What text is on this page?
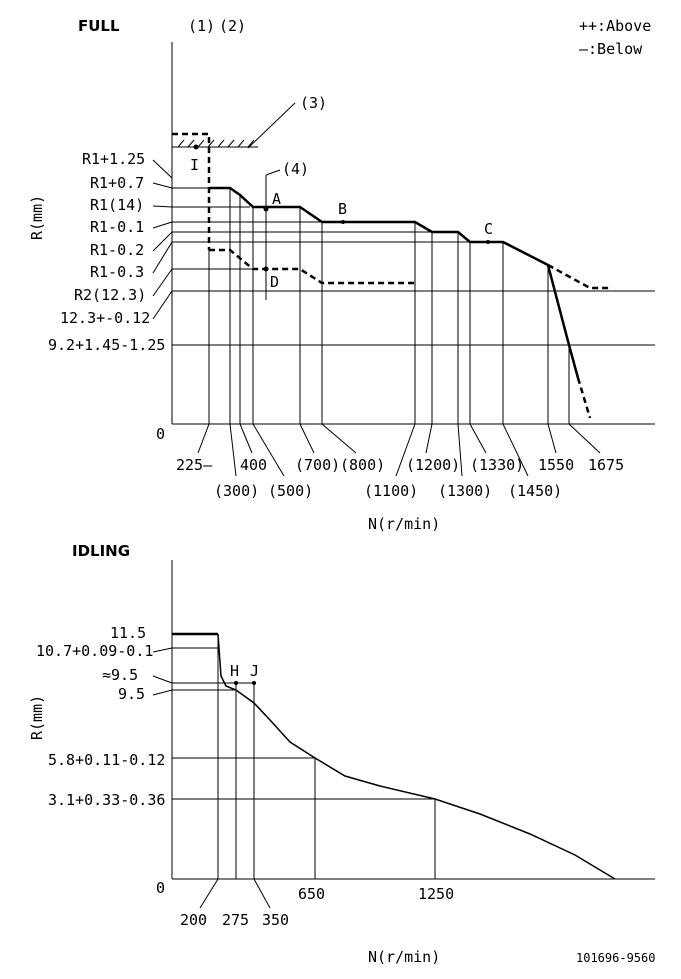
FULL	(1) (2)	++:Above
—:Below
0
R(mm)
N(r/min)
(3)
R1+1.25
R1+0.7
R1(14)
R1-0.1
R1-0.2
R1-0.3
R2(12.3)
12.3+-0.12
9.2+1.45-1.25
225—
(300)
400
(500)
(700) (800)
(1100)
(1200)
(1300)
(1330)
(1450)
1550 1675
I	(4)
A
D
B
C
IDLING
0
R(mm)
N(r/min)
11.5
10.7+0.09-0.1
≈9.5
9.5
5.8+0.11-0.12
3.1+0.33-0.36
200 275 350
650	1250
H J
101696-9560
